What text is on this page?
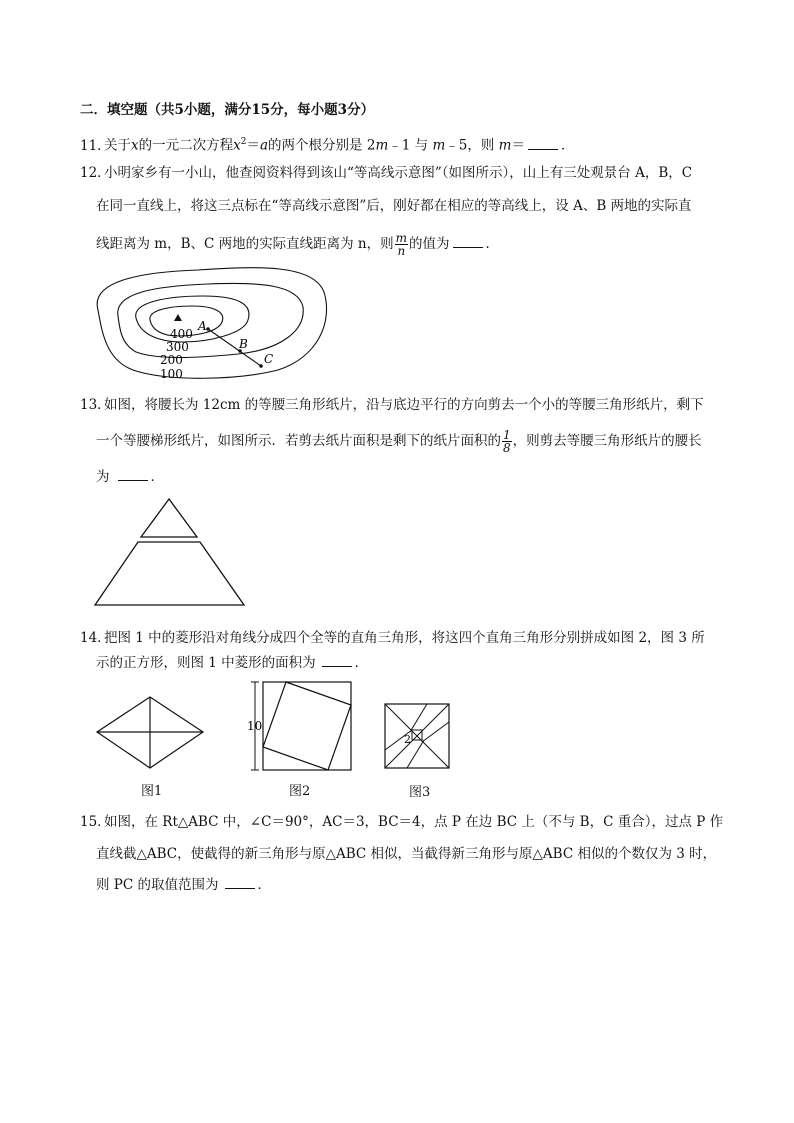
二．填空题（共5小题，满分15分，每小题3分）
11．关于x的一元二次方程$x^2=a$的两个根分别是 2m﹣1 与 m﹣5，则 m＝	．
12．小明家乡有一小山，他查阅资料得到该山“等高线示意图”（如图所示），山上有三处观景台 A，B，C
在同一直线上，将这三点标在“等高线示意图”后，刚好都在相应的等高线上，设 A、B 两地的实际直
线距离为 m，B、C 两地的实际直线距离为 n，则 $\frac{m}{n}$ 的值为	．
400
300
200
100
A
B
C
13．如图，将腰长为 12cm 的等腰三角形纸片，沿与底边平行的方向剪去一个小的等腰三角形纸片，剩下
一个等腰梯形纸片，如图所示．若剪去纸片面积是剩下的纸片面积的 $\frac{1}{8}$ ，则剪去等腰三角形纸片的腰长
为	．
14．把图 1 中的菱形沿对角线分成四个全等的直角三角形，将这四个直角三角形分别拼成如图 2，图 3 所
示的正方形，则图 1 中菱形的面积为	．
10
2
图1	图2	图3
15．如图，在 Rt△ABC 中，∠C＝90°，AC＝3，BC＝4，点 P 在边 BC 上（不与 B，C 重合），过点 P 作
直线截△ABC，使截得的新三角形与原△ABC 相似，当截得新三角形与原△ABC 相似的个数仅为 3 时，
则 PC 的取值范围为	．
